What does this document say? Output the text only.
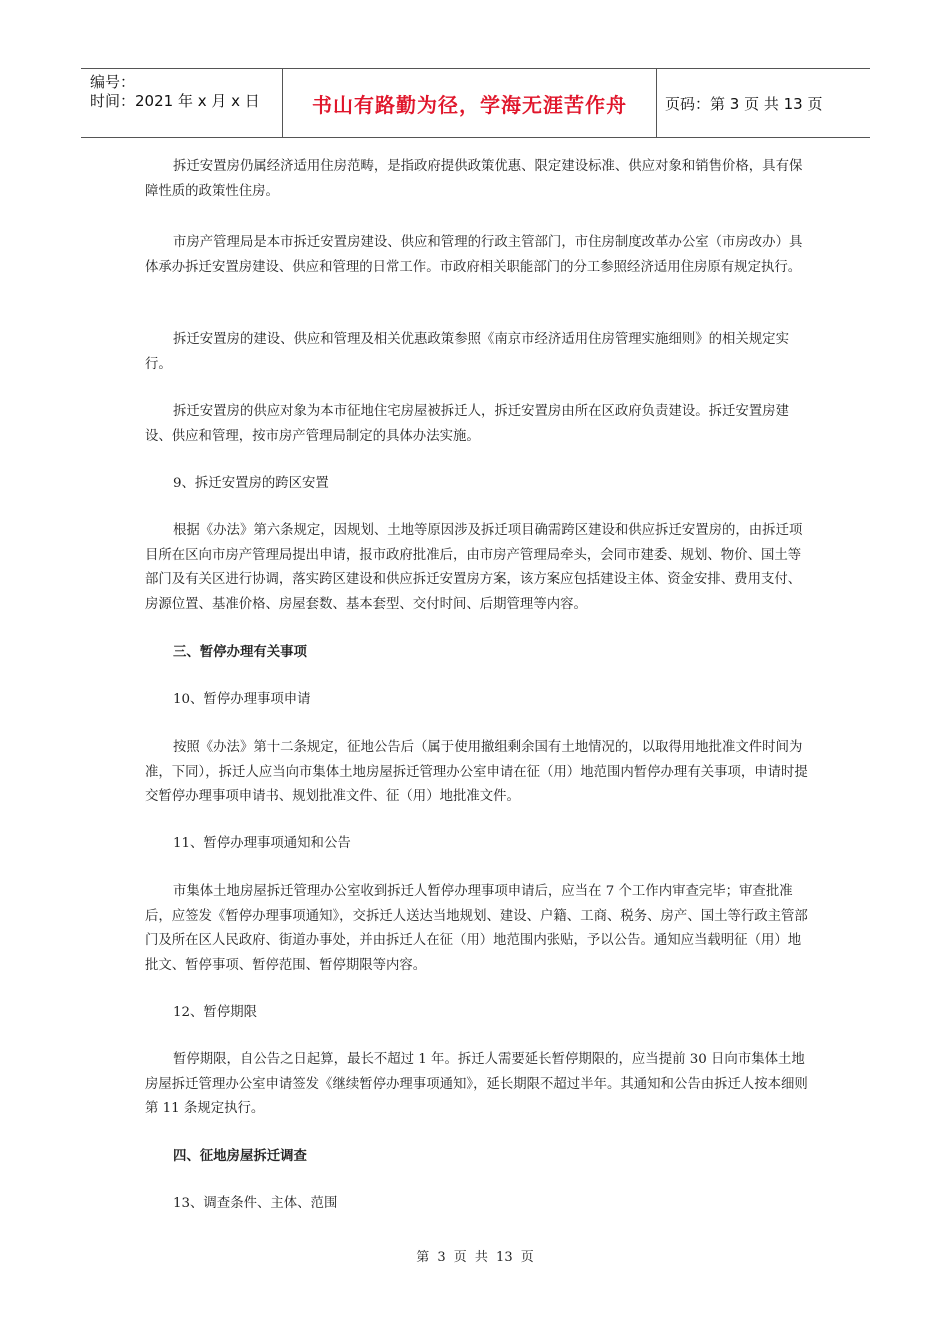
编号：
时间：2021 年 x 月 x 日	书山有路勤为径，学海无涯苦作舟	页码：第 3 页 共 13 页

拆迁安置房仍属经济适用住房范畴，是指政府提供政策优惠、限定建设标准、供应对象和销售价格，具有保障性质的政策性住房。

市房产管理局是本市拆迁安置房建设、供应和管理的行政主管部门，市住房制度改革办公室（市房改办）具体承办拆迁安置房建设、供应和管理的日常工作。市政府相关职能部门的分工参照经济适用住房原有规定执行。

拆迁安置房的建设、供应和管理及相关优惠政策参照《南京市经济适用住房管理实施细则》的相关规定实行。

拆迁安置房的供应对象为本市征地住宅房屋被拆迁人，拆迁安置房由所在区政府负责建设。拆迁安置房建设、供应和管理，按市房产管理局制定的具体办法实施。

9、拆迁安置房的跨区安置

根据《办法》第六条规定，因规划、土地等原因涉及拆迁项目确需跨区建设和供应拆迁安置房的，由拆迁项目所在区向市房产管理局提出申请，报市政府批准后，由市房产管理局牵头，会同市建委、规划、物价、国土等部门及有关区进行协调，落实跨区建设和供应拆迁安置房方案，该方案应包括建设主体、资金安排、费用支付、房源位置、基准价格、房屋套数、基本套型、交付时间、后期管理等内容。

三、暂停办理有关事项

10、暂停办理事项申请

按照《办法》第十二条规定，征地公告后（属于使用撤组剩余国有土地情况的，以取得用地批准文件时间为准，下同），拆迁人应当向市集体土地房屋拆迁管理办公室申请在征（用）地范围内暂停办理有关事项，申请时提交暂停办理事项申请书、规划批准文件、征（用）地批准文件。

11、暂停办理事项通知和公告

市集体土地房屋拆迁管理办公室收到拆迁人暂停办理事项申请后，应当在 7 个工作内审查完毕；审查批准后，应签发《暂停办理事项通知》，交拆迁人送达当地规划、建设、户籍、工商、税务、房产、国土等行政主管部门及所在区人民政府、街道办事处，并由拆迁人在征（用）地范围内张贴，予以公告。通知应当载明征（用）地批文、暂停事项、暂停范围、暂停期限等内容。

12、暂停期限

暂停期限，自公告之日起算，最长不超过 1 年。拆迁人需要延长暂停期限的，应当提前 30 日向市集体土地房屋拆迁管理办公室申请签发《继续暂停办理事项通知》，延长期限不超过半年。其通知和公告由拆迁人按本细则第 11 条规定执行。

四、征地房屋拆迁调查

13、调查条件、主体、范围

第 3 页 共 13 页
